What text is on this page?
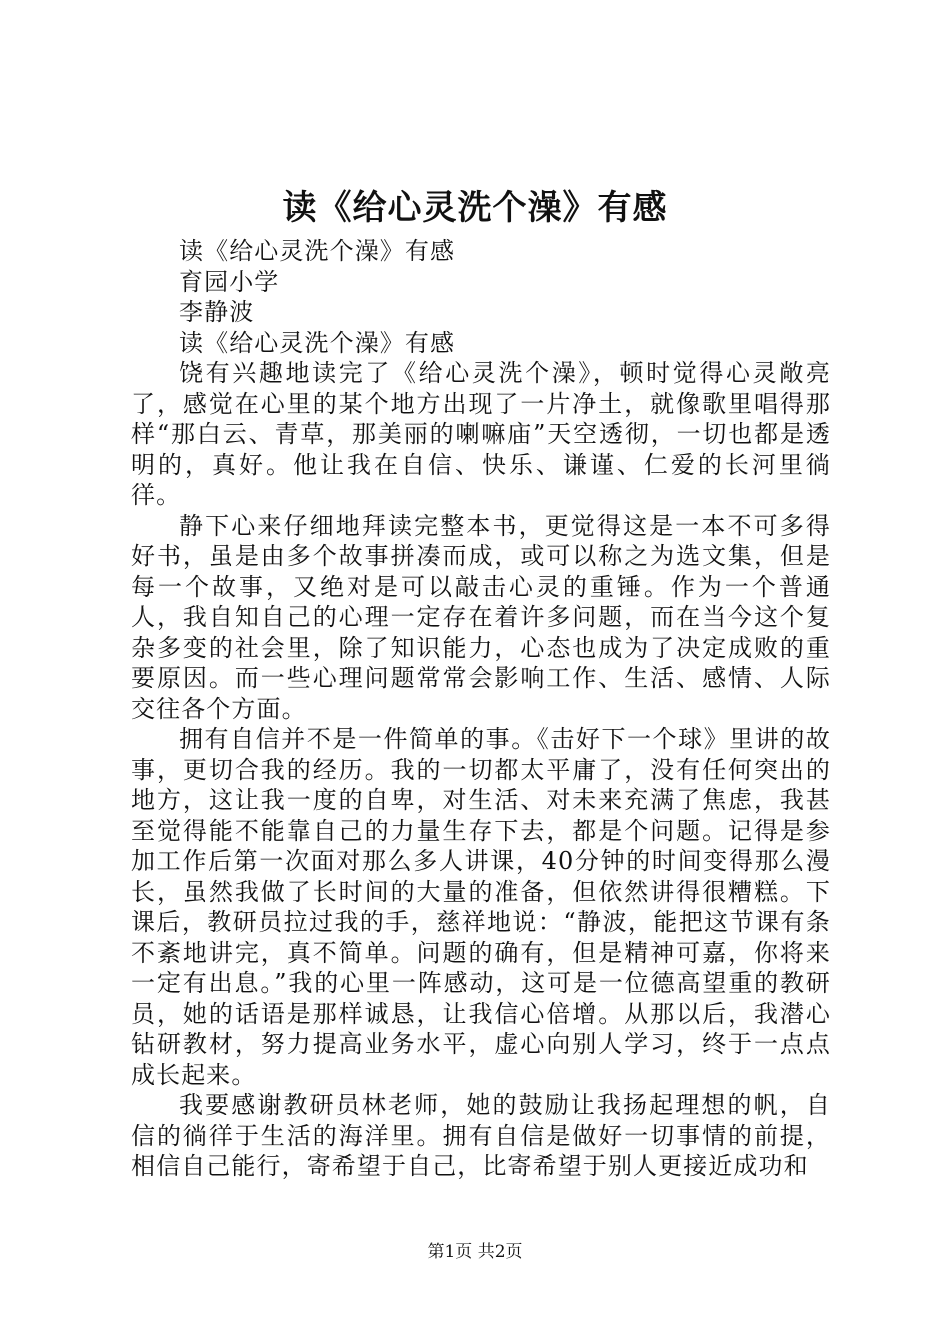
读《给心灵洗个澡》有感

读《给心灵洗个澡》有感

育园小学

李静波

读《给心灵洗个澡》有感

饶有兴趣地读完了《给心灵洗个澡》，顿时觉得心灵敞亮了，感觉在心里的某个地方出现了一片净土，就像歌里唱得那样“那白云、青草，那美丽的喇嘛庙”天空透彻，一切也都是透明的，真好。他让我在自信、快乐、谦谨、仁爱的长河里徜徉。

静下心来仔细地拜读完整本书，更觉得这是一本不可多得好书，虽是由多个故事拼凑而成，或可以称之为选文集，但是每一个故事，又绝对是可以敲击心灵的重锤。作为一个普通人，我自知自己的心理一定存在着许多问题，而在当今这个复杂多变的社会里，除了知识能力，心态也成为了决定成败的重要原因。而一些心理问题常常会影响工作、生活、感情、人际交往各个方面。

拥有自信并不是一件简单的事。《击好下一个球》里讲的故事，更切合我的经历。我的一切都太平庸了，没有任何突出的地方，这让我一度的自卑，对生活、对未来充满了焦虑，我甚至觉得能不能靠自己的力量生存下去，都是个问题。记得是参加工作后第一次面对那么多人讲课，40分钟的时间变得那么漫长，虽然我做了长时间的大量的准备，但依然讲得很糟糕。下课后，教研员拉过我的手，慈祥地说：“静波，能把这节课有条不紊地讲完，真不简单。问题的确有，但是精神可嘉，你将来一定有出息。”我的心里一阵感动，这可是一位德高望重的教研员，她的话语是那样诚恳，让我信心倍增。从那以后，我潜心钻研教材，努力提高业务水平，虚心向别人学习，终于一点点成长起来。

我要感谢教研员林老师，她的鼓励让我扬起理想的帆，自信的徜徉于生活的海洋里。拥有自信是做好一切事情的前提，相信自己能行，寄希望于自己，比寄希望于别人更接近成功和

第1页 共2页
